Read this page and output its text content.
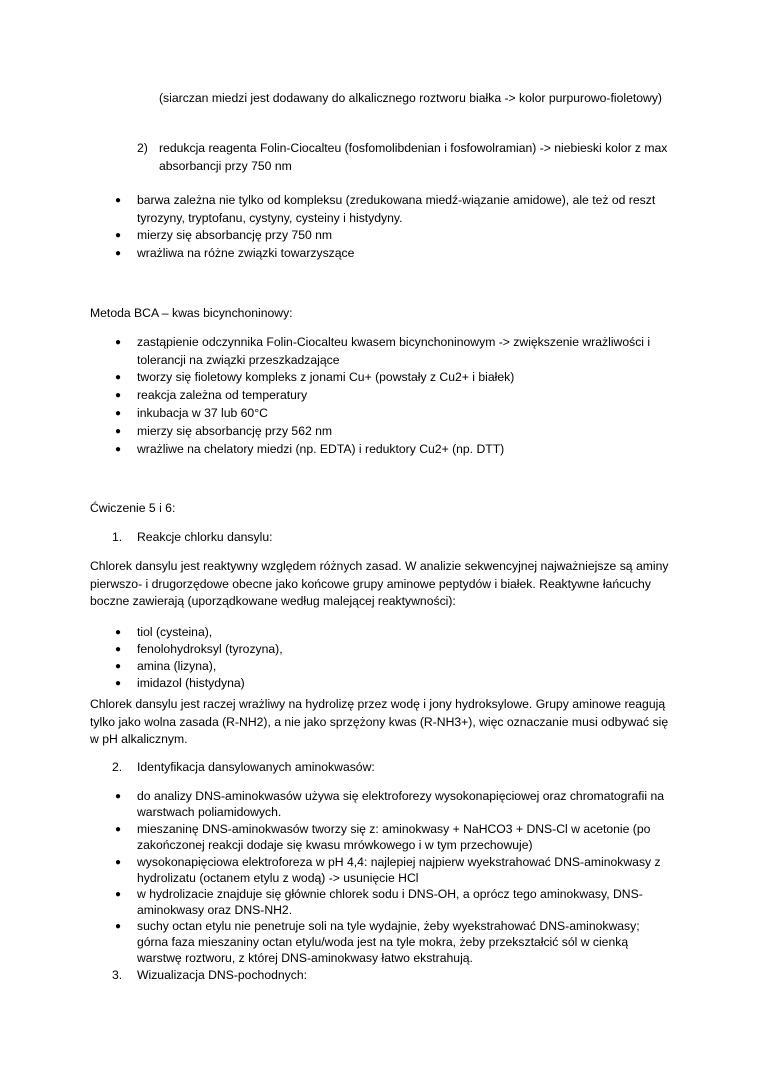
(siarczan miedzi jest dodawany do alkalicznego roztworu białka -> kolor purpurowo-fioletowy)

2) redukcja reagenta Folin-Ciocalteu (fosfomolibdenian i fosfowolramian) -> niebieski kolor z max absorbancji przy 750 nm

● barwa zależna nie tylko od kompleksu (zredukowana miedź-wiązanie amidowe), ale też od reszt tyrozyny, tryptofanu, cystyny, cysteiny i histydyny.

● mierzy się absorbancję przy 750 nm

● wrażliwa na różne związki towarzyszące

Metoda BCA – kwas bicynchoninowy:

● zastąpienie odczynnika Folin-Ciocalteu kwasem bicynchoninowym -> zwiększenie wrażliwości i tolerancji na związki przeszkadzające

● tworzy się fioletowy kompleks z jonami Cu+ (powstały z Cu2+ i białek)

● reakcja zależna od temperatury

● inkubacja w 37 lub 60°C

● mierzy się absorbancję przy 562 nm

● wrażliwe na chelatory miedzi (np. EDTA) i reduktory Cu2+ (np. DTT)

Ćwiczenie 5 i 6:

1. Reakcje chlorku dansylu:

Chlorek dansylu jest reaktywny względem różnych zasad. W analizie sekwencyjnej najważniejsze są aminy pierwszo- i drugorzędowe obecne jako końcowe grupy aminowe peptydów i białek. Reaktywne łańcuchy boczne zawierają (uporządkowane według malejącej reaktywności):

● tiol (cysteina),

● fenolohydroksyl (tyrozyna),

● amina (lizyna),

● imidazol (histydyna)

Chlorek dansylu jest raczej wrażliwy na hydrolizę przez wodę i jony hydroksylowe. Grupy aminowe reagują tylko jako wolna zasada (R-NH2), a nie jako sprzężony kwas (R-NH3+), więc oznaczanie musi odbywać się w pH alkalicznym.

2. Identyfikacja dansylowanych aminokwasów:

● do analizy DNS-aminokwasów używa się elektroforezy wysokonapięciowej oraz chromatografii na warstwach poliamidowych.

● mieszaninę DNS-aminokwasów tworzy się z: aminokwasy + NaHCO3 + DNS-Cl w acetonie (po zakończonej reakcji dodaje się kwasu mrówkowego i w tym przechowuje)

● wysokonapięciowa elektroforeza w pH 4,4: najlepiej najpierw wyekstrahować DNS-aminokwasy z hydrolizatu (octanem etylu z wodą) -> usunięcie HCl

● w hydrolizacie znajduje się głównie chlorek sodu i DNS-OH, a oprócz tego aminokwasy, DNS-aminokwasy oraz DNS-NH2.

● suchy octan etylu nie penetruje soli na tyle wydajnie, żeby wyekstrahować DNS-aminokwasy; górna faza mieszaniny octan etylu/woda jest na tyle mokra, żeby przekształcić sól w cienką warstwę roztworu, z której DNS-aminokwasy łatwo ekstrahują.

3. Wizualizacja DNS-pochodnych:
